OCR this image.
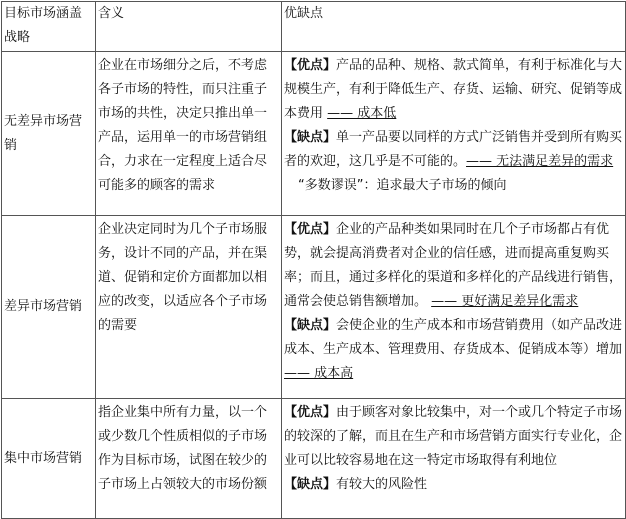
目标市场涵盖战略	含义	优缺点

无差异市场营销	企业在市场细分之后，不考虑各子市场的特性，而只注重子市场的共性，决定只推出单一产品，运用单一的市场营销组合，力求在一定程度上适合尽可能多的顾客的需求	【优点】产品的品种、规格、款式简单，有利于标准化与大规模生产，有利于降低生产、存货、运输、研究、促销等成本费用 —— 成本低
【缺点】单一产品要以同样的方式广泛销售并受到所有购买者的欢迎，这几乎是不可能的。—— 无法满足差异的需求
“多数谬误”：追求最大子市场的倾向

差异市场营销	企业决定同时为几个子市场服务，设计不同的产品，并在渠道、促销和定价方面都加以相应的改变，以适应各个子市场的需要	【优点】企业的产品种类如果同时在几个子市场都占有优势，就会提高消费者对企业的信任感，进而提高重复购买率；而且，通过多样化的渠道和多样化的产品线进行销售，通常会使总销售额增加。 —— 更好满足差异化需求
【缺点】会使企业的生产成本和市场营销费用（如产品改进成本、生产成本、管理费用、存货成本、促销成本等）增加 —— 成本高

集中市场营销	指企业集中所有力量，以一个或少数几个性质相似的子市场作为目标市场，试图在较少的子市场上占领较大的市场份额	【优点】由于顾客对象比较集中，对一个或几个特定子市场的较深的了解，而且在生产和市场营销方面实行专业化，企业可以比较容易地在这一特定市场取得有利地位
【缺点】有较大的风险性
